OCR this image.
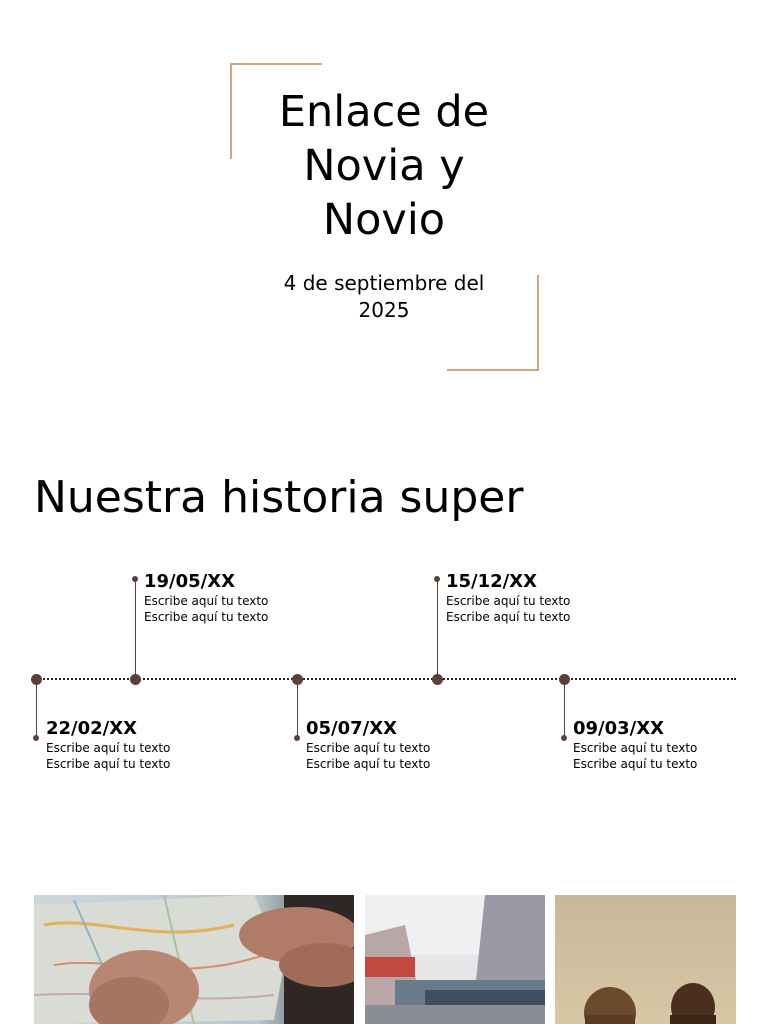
Enlace de
Novia y
Novio
4 de septiembre del
2025
Nuestra historia super
22/02/XX
Escribe aquí tu texto
Escribe aquí tu texto
19/05/XX
Escribe aquí tu texto
Escribe aquí tu texto
05/07/XX
Escribe aquí tu texto
Escribe aquí tu texto
15/12/XX
Escribe aquí tu texto
Escribe aquí tu texto
09/03/XX
Escribe aquí tu texto
Escribe aquí tu texto
